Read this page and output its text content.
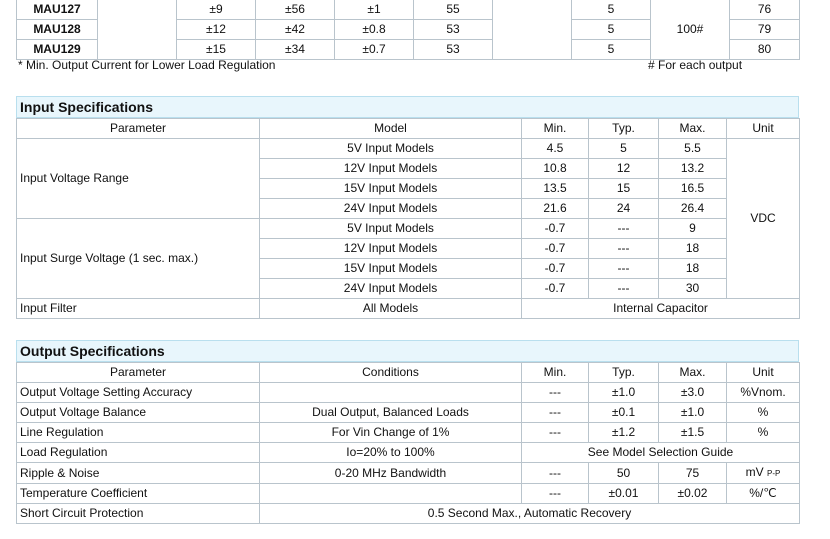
MAU127		±9	±56	±1	55		5	100#	76
MAU128		±12	±42	±0.8	53		5		79
MAU129		±15	±34	±0.7	53		5		80
* Min. Output Current for Lower Load Regulation	# For each output
Input Specifications
Parameter	Model	Min.	Typ.	Max.	Unit
Input Voltage Range	5V Input Models	4.5	5	5.5	VDC
	12V Input Models	10.8	12	13.2	
	15V Input Models	13.5	15	16.5	
	24V Input Models	21.6	24	26.4	
Input Surge Voltage (1 sec. max.)	5V Input Models	-0.7	---	9	
	12V Input Models	-0.7	---	18	
	15V Input Models	-0.7	---	18	
	24V Input Models	-0.7	---	30	
Input Filter	All Models	Internal Capacitor			
Output Specifications
Parameter	Conditions	Min.	Typ.	Max.	Unit
Output Voltage Setting Accuracy		---	±1.0	±3.0	%Vnom.
Output Voltage Balance	Dual Output, Balanced Loads	---	±0.1	±1.0	%
Line Regulation	For Vin Change of 1%	---	±1.2	±1.5	%
Load Regulation	Io=20% to 100%	See Model Selection Guide			
Ripple & Noise	0-20 MHz Bandwidth	---	50	75	mV P-P
Temperature Coefficient		---	±0.01	±0.02	%/℃
Short Circuit Protection	0.5 Second Max., Automatic Recovery				
